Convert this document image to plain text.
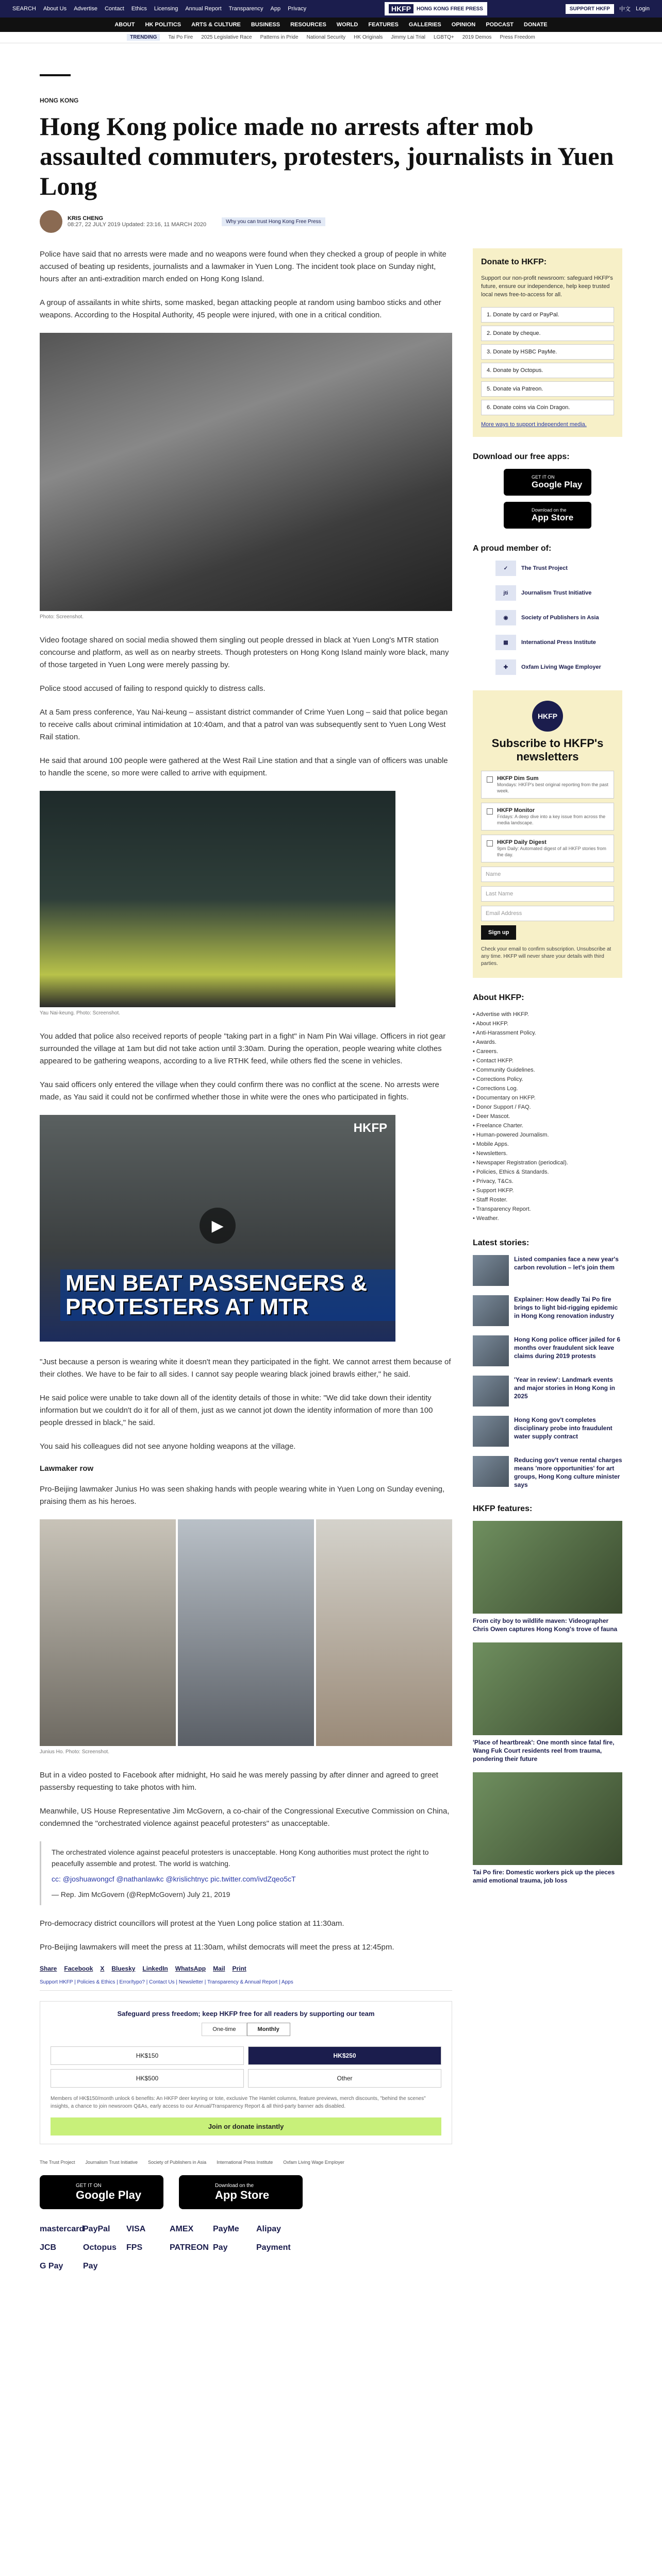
SEARCH About Us Advertise Contact Ethics Licensing Annual Report Transparency App Privacy	HKFP	HONG KONG FREE PRESS	SUPPORT HKFP	中文 Login
ABOUT HK POLITICS ARTS & CULTURE BUSINESS RESOURCES WORLD FEATURES GALLERIES OPINION PODCAST DONATE
TRENDING	Tai Po Fire 2025 Legislative Race Patterns in Pride National Security HK Originals Jimmy Lai Trial LGBTQ+ 2019 Demos Press Freedom
HONG KONG
Hong Kong police made no arrests after mob assaulted commuters, protesters, journalists in Yuen Long
KRIS CHENG
08:27, 22 JULY 2019 Updated: 23:16, 11 MARCH 2020	Why you can trust Hong Kong Free Press

Police have said that no arrests were made and no weapons were found when they checked a group of people in white accused of beating up residents, journalists and a lawmaker in Yuen Long. The incident took place on Sunday night, hours after an anti-extradition march ended on Hong Kong Island.

A group of assailants in white shirts, some masked, began attacking people at random using bamboo sticks and other weapons. According to the Hospital Authority, 45 people were injured, with one in a critical condition.

Photo: Screenshot.

Video footage shared on social media showed them singling out people dressed in black at Yuen Long's MTR station concourse and platform, as well as on nearby streets. Though protesters on Hong Kong Island mainly wore black, many of those targeted in Yuen Long were merely passing by.

Police stood accused of failing to respond quickly to distress calls.

At a 5am press conference, Yau Nai-keung – assistant district commander of Crime Yuen Long – said that police began to receive calls about criminal intimidation at 10:40am, and that a patrol van was subsequently sent to Yuen Long West Rail station.

He said that around 100 people were gathered at the West Rail Line station and that a single van of officers was unable to handle the scene, so more were called to arrive with equipment.

Yau Nai-keung. Photo: Screenshot.

You added that police also received reports of people "taking part in a fight" in Nam Pin Wai village. Officers in riot gear surrounded the village at 1am but did not take action until 3:30am. During the operation, people wearing white clothes appeared to be gathering weapons, according to a live RTHK feed, while others fled the scene in vehicles.

Yau said officers only entered the village when they could confirm there was no conflict at the scene. No arrests were made, as Yau said it could not be confirmed whether those in white were the ones who participated in fights.

HKFP
▶
MEN BEAT PASSENGERS & PROTESTERS AT MTR

"Just because a person is wearing white it doesn't mean they participated in the fight. We cannot arrest them because of their clothes. We have to be fair to all sides. I cannot say people wearing black joined brawls either," he said.

He said police were unable to take down all of the identity details of those in white: "We did take down their identity information but we couldn't do it for all of them, just as we cannot jot down the identity information of more than 100 people dressed in black," he said.

You said his colleagues did not see anyone holding weapons at the village.

Lawmaker row

Pro-Beijing lawmaker Junius Ho was seen shaking hands with people wearing white in Yuen Long on Sunday evening, praising them as his heroes.

Junius Ho. Photo: Screenshot.

But in a video posted to Facebook after midnight, Ho said he was merely passing by after dinner and agreed to greet passersby requesting to take photos with him.

Meanwhile, US House Representative Jim McGovern, a co-chair of the Congressional Executive Commission on China, condemned the "orchestrated violence against peaceful protesters" as unacceptable.

The orchestrated violence against peaceful protesters is unacceptable. Hong Kong authorities must protect the right to peacefully assemble and protest. The world is watching.
cc: @joshuawongcf @nathanlawkc @krislichtnyc pic.twitter.com/ivdZqeo5cT
— Rep. Jim McGovern (@RepMcGovern) July 21, 2019

Pro-democracy district councillors will protest at the Yuen Long police station at 11:30am.

Pro-Beijing lawmakers will meet the press at 11:30am, whilst democrats will meet the press at 12:45pm.

Share Facebook X Bluesky LinkedIn WhatsApp Mail Print
Support HKFP | Policies & Ethics | Error/typo? | Contact Us | Newsletter | Transparency & Annual Report | Apps
Safeguard press freedom; keep HKFP free for all readers by supporting our team
One-time	Monthly
HK$150	HK$250
HK$500	Other
Members of HK$150/month unlock 6 benefits: An HKFP deer keyring or tote, exclusive The Hamlet columns, feature previews, merch discounts, "behind the scenes" insights, a chance to join newsroom Q&As, early access to our Annual/Transparency Report & all third-party banner ads disabled.
Join or donate instantly
The Trust Project Journalism Trust Initiative Society of Publishers in Asia International Press Institute Oxfam Living Wage Employer
GET IT ON
Google Play
Download on the
App Store
mastercard
PayPal	VISA	AMEX	PayMe	Alipay
JCB	Octopus FPS	PATREON Pay	Payment
G Pay	Pay
Donate to HKFP:
Support our non-profit newsroom: safeguard HKFP's future, ensure our independence, help keep trusted local news free-to-access for all.
1. Donate by card or PayPal.
2. Donate by cheque.
3. Donate by HSBC PayMe.
4. Donate by Octopus.
5. Donate via Patreon.
6. Donate coins via Coin Dragon.
More ways to support independent media.
Download our free apps:
GET IT ON
Google Play
Download on the
App Store
A proud member of:
✓	The Trust Project
jti	Journalism Trust Initiative
◉	Society of Publishers in Asia
▦	International Press Institute
✚	Oxfam Living Wage Employer
HKFP
Subscribe to HKFP's newsletters
HKFP Dim Sum
Mondays: HKFP's best original reporting from the past week.
HKFP Monitor
Fridays: A deep dive into a key issue from across the media landscape.
HKFP Daily Digest
9pm Daily: Automated digest of all HKFP stories from the day.
Name
Last Name
Email Address
Sign up
Check your email to confirm subscription. Unsubscribe at any time. HKFP will never share your details with third parties.
About HKFP:
• Advertise with HKFP.
• About HKFP.
• Anti-Harassment Policy.
• Awards.
• Careers.
• Contact HKFP.
• Community Guidelines.
• Corrections Policy.
• Corrections Log.
• Documentary on HKFP.
• Donor Support / FAQ.
• Deer Mascot.
• Freelance Charter.
• Human-powered Journalism.
• Mobile Apps.
• Newsletters.
• Newspaper Registration (periodical).
• Policies, Ethics & Standards.
• Privacy, T&Cs.
• Support HKFP.
• Staff Roster.
• Transparency Report.
• Weather.
Latest stories:
Listed companies face a new year's carbon revolution – let's join them
Explainer: How deadly Tai Po fire brings to light bid-rigging epidemic in Hong Kong renovation industry
Hong Kong police officer jailed for 6 months over fraudulent sick leave claims during 2019 protests
'Year in review': Landmark events and major stories in Hong Kong in 2025
Hong Kong gov't completes disciplinary probe into fraudulent water supply contract
Reducing gov't venue rental charges means 'more opportunities' for art groups, Hong Kong culture minister says
HKFP features:
From city boy to wildlife maven: Videographer Chris Owen captures Hong Kong's trove of fauna
'Place of heartbreak': One month since fatal fire, Wang Fuk Court residents reel from trauma, pondering their future
Tai Po fire: Domestic workers pick up the pieces amid emotional trauma, job loss
